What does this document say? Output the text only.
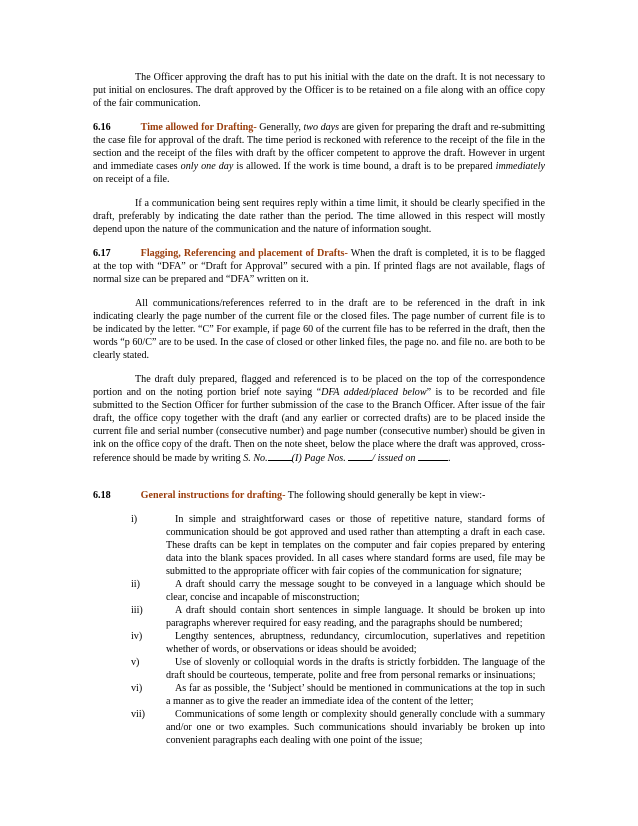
The Officer approving the draft has to put his initial with the date on the draft. It is not necessary to put initial on enclosures. The draft approved by the Officer is to be retained on a file along with an office copy of the fair communication.

6.16	Time allowed for Drafting- Generally, two days are given for preparing the draft and re-submitting the case file for approval of the draft. The time period is reckoned with reference to the receipt of the file in the section and the receipt of the files with draft by the officer competent to approve the draft. However in urgent and immediate cases only one day is allowed. If the work is time bound, a draft is to be prepared immediately on receipt of a file.

If a communication being sent requires reply within a time limit, it should be clearly specified in the draft, preferably by indicating the date rather than the period. The time allowed in this respect will mostly depend upon the nature of the communication and the nature of information sought.

6.17	Flagging, Referencing and placement of Drafts- When the draft is completed, it is to be flagged at the top with “DFA” or “Draft for Approval” secured with a pin. If printed flags are not available, flags of normal size can be prepared and “DFA” written on it.

All communications/references referred to in the draft are to be referenced in the draft in ink indicating clearly the page number of the current file or the closed files. The page number of current file is to be indicated by the letter. “C” For example, if page 60 of the current file has to be referred in the draft, then the words “p 60/C” are to be used. In the case of closed or other linked files, the page no. and file no. are both to be clearly stated.

The draft duly prepared, flagged and referenced is to be placed on the top of the correspondence portion and on the noting portion brief note saying “DFA added/placed below” is to be recorded and file submitted to the Section Officer for further submission of the case to the Branch Officer. After issue of the fair draft, the office copy together with the draft (and any earlier or corrected drafts) are to be placed inside the current file and serial number (consecutive number) and page number (consecutive number) should be given in ink on the office copy of the draft. Then on the note sheet, below the place where the draft was approved, cross-reference should be made by writing S. No. (I) Page Nos.	/ issued on	.

6.18	General instructions for drafting- The following should generally be kept in view:-

i)	In simple and straightforward cases or those of repetitive nature, standard forms of communication should be got approved and used rather than attempting a draft in each case. These drafts can be kept in templates on the computer and fair copies prepared by entering data into the blank spaces provided. In all cases where standard forms are used, file may be submitted to the appropriate officer with fair copies of the communication for signature;
ii)	A draft should carry the message sought to be conveyed in a language which should be clear, concise and incapable of misconstruction;
iii)	A draft should contain short sentences in simple language. It should be broken up into paragraphs wherever required for easy reading, and the paragraphs should be numbered;
iv)	Lengthy sentences, abruptness, redundancy, circumlocution, superlatives and repetition whether of words, or observations or ideas should be avoided;
v)	Use of slovenly or colloquial words in the drafts is strictly forbidden. The language of the draft should be courteous, temperate, polite and free from personal remarks or insinuations;
vi)	As far as possible, the ‘Subject’ should be mentioned in communications at the top in such a manner as to give the reader an immediate idea of the content of the letter;
vii)	Communications of some length or complexity should generally conclude with a summary and/or one or two examples. Such communications should invariably be broken up into convenient paragraphs each dealing with one point of the issue;
